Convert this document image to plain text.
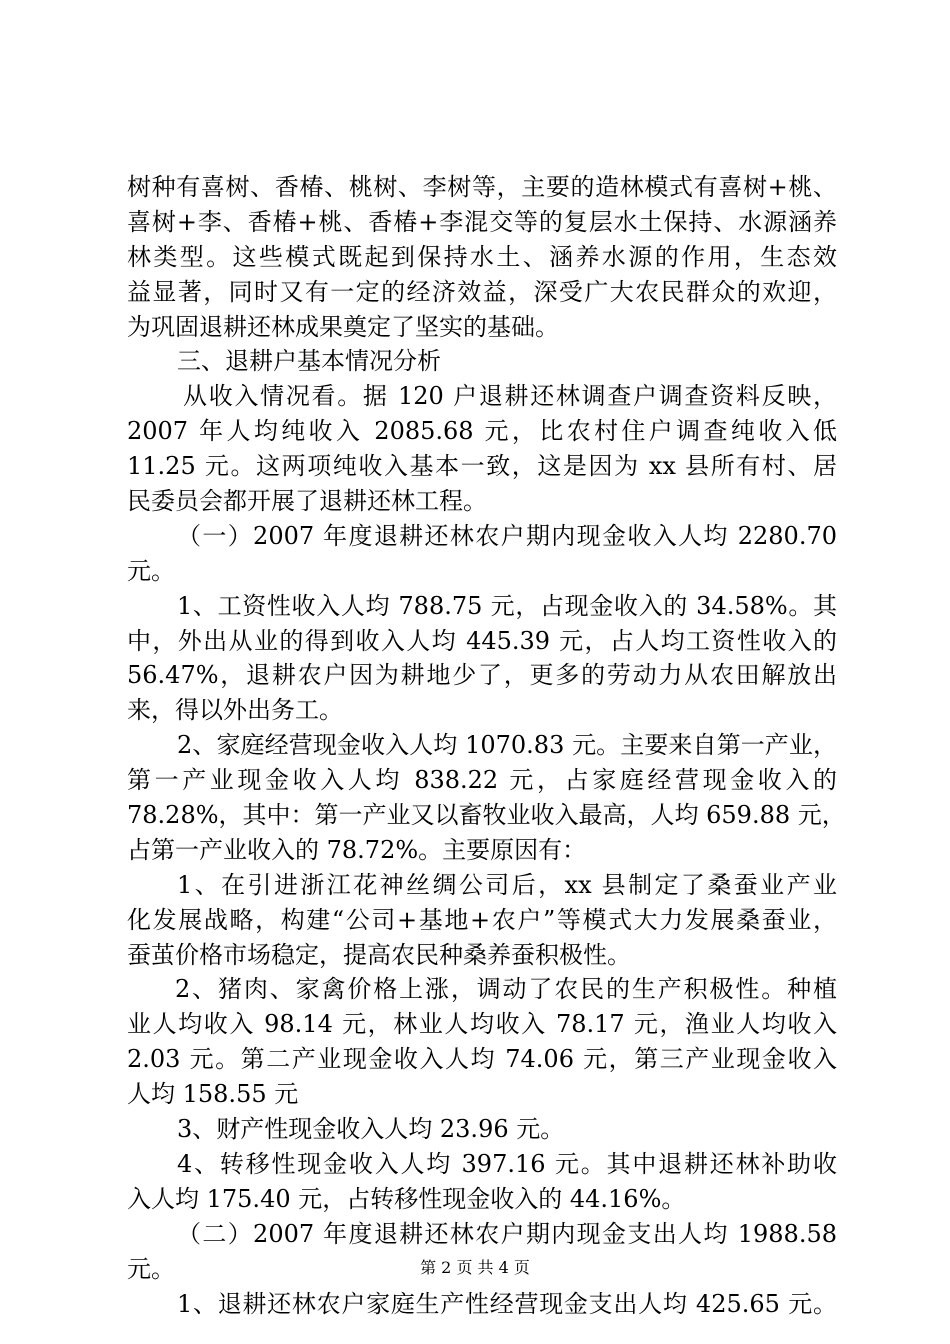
树种有喜树、香椿、桃树、李树等，主要的造林模式有喜树+桃、
喜树+李、香椿+桃、香椿+李混交等的复层水土保持、水源涵养
林类型。这些模式既起到保持水土、涵养水源的作用，生态效
益显著，同时又有一定的经济效益，深受广大农民群众的欢迎，
为巩固退耕还林成果奠定了坚实的基础。
三、退耕户基本情况分析
从收入情况看。据 120 户退耕还林调查户调查资料反映，
2007 年人均纯收入 2085.68 元，比农村住户调查纯收入低
11.25 元。这两项纯收入基本一致，这是因为 xx 县所有村、居
民委员会都开展了退耕还林工程。
（一）2007 年度退耕还林农户期内现金收入人均 2280.70
元。
1、工资性收入人均 788.75 元，占现金收入的 34.58%。其
中，外出从业的得到收入人均 445.39 元，占人均工资性收入的
56.47%，退耕农户因为耕地少了，更多的劳动力从农田解放出
来，得以外出务工。
2、家庭经营现金收入人均 1070.83 元。主要来自第一产业，
第一产业现金收入人均 838.22 元，占家庭经营现金收入的
78.28%，其中：第一产业又以畜牧业收入最高，人均 659.88 元，
占第一产业收入的 78.72%。主要原因有：
1、在引进浙江花神丝绸公司后，xx 县制定了桑蚕业产业
化发展战略，构建“公司+基地+农户”等模式大力发展桑蚕业，
蚕茧价格市场稳定，提高农民种桑养蚕积极性。
2、猪肉、家禽价格上涨，调动了农民的生产积极性。种植
业人均收入 98.14 元，林业人均收入 78.17 元，渔业人均收入
2.03 元。第二产业现金收入人均 74.06 元，第三产业现金收入
人均 158.55 元
3、财产性现金收入人均 23.96 元。
4、转移性现金收入人均 397.16 元。其中退耕还林补助收
入人均 175.40 元，占转移性现金收入的 44.16%。
（二）2007 年度退耕还林农户期内现金支出人均 1988.58
元。
1、退耕还林农户家庭生产性经营现金支出人均 425.65 元。
第 2 页 共 4 页
